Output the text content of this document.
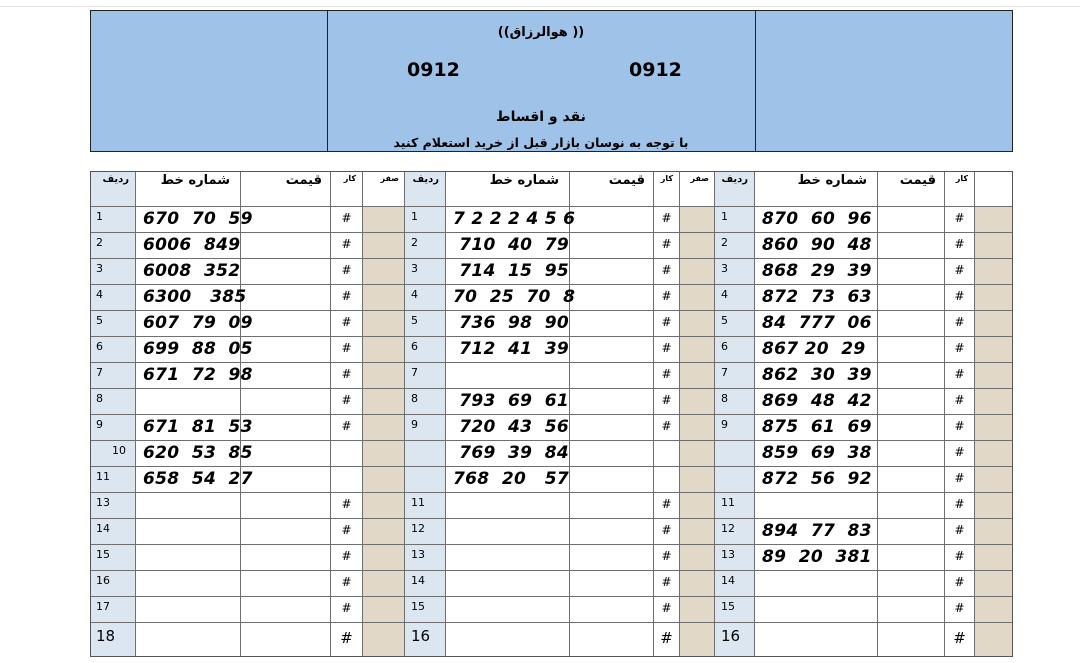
((هوالرزاق ))
0912	0912
نقد و اقساط
با توجه به نوسان بازار قبل از خرید استعلام کنید
ردیف شماره خط	قیمت	کار	صفر
1 670  70  59	#
2 6006  849	#
3 6008  352	#
4 6300   385	#
5 607  79  09	#
6 699  88  05	#
7 671  72  98	#
8	#
9 671  81  53	#
10 620  53  85
11 658  54  27
13	#
14	#
15	#
16	#
17	#
18	#
ردیف	شماره خط	قیمت کار صفر
1 7 2 2 2 4 5 6	#
2 710  40  79	#
3 714  15  95	#
4 70  25  70  8	#
5 736  98  90	#
6 712  41  39	#
7	#
8 793  69  61	#
9 720  43  56	#
769  39  84
768  20   57
11	#
12	#
13	#
14	#
15	#
16	#
ردیف	شماره خط	قیمت کار
1 870  60  96	#
2 860  90  48	#
3 868  29  39	#
4 872  73  63	#
5 84  777  06	#
6 867 20  29	#
7 862  30  39	#
8 869  48  42	#
9 875  61  69	#
859  69  38	#
872  56  92	#
11	#
12 894  77  83	#
13 89  20  381	#
14	#
15	#
16	#
